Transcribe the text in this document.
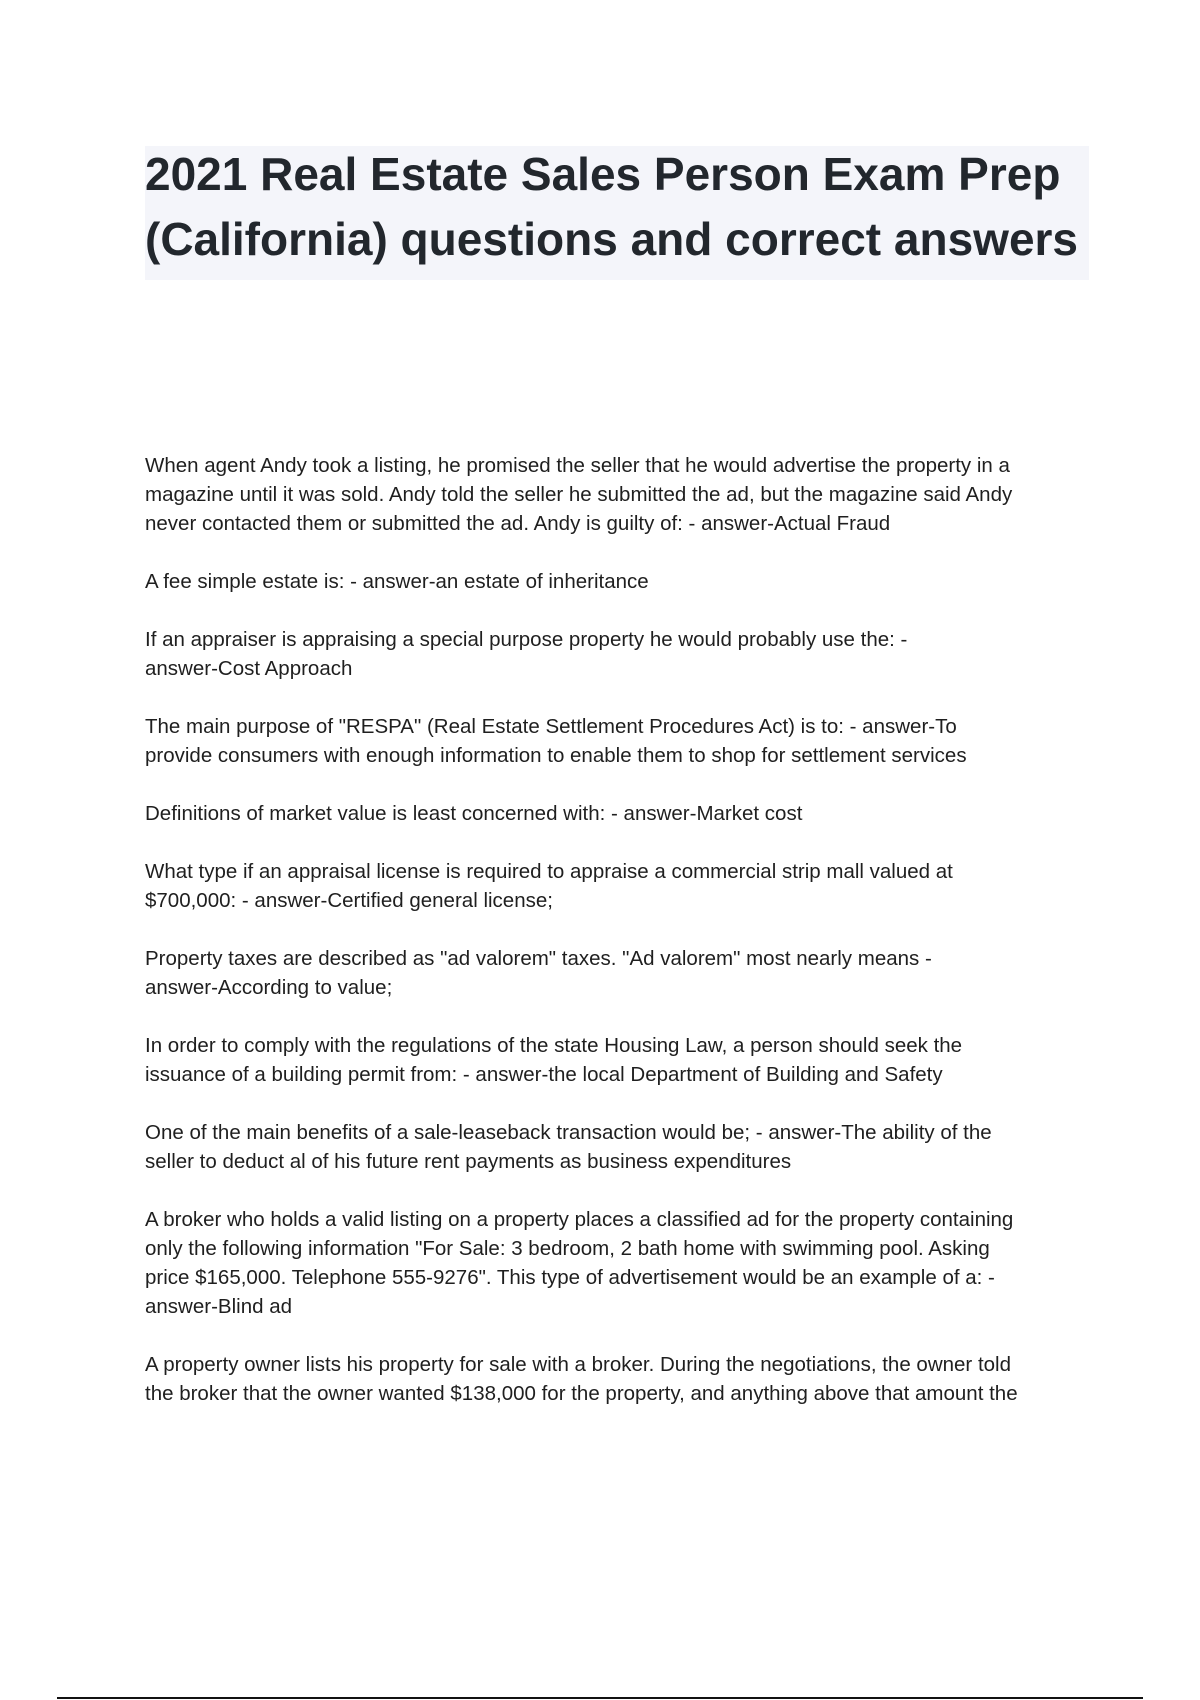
2021 Real Estate Sales Person Exam Prep
(California) questions and correct answers

When agent Andy took a listing, he promised the seller that he would advertise the property in a
magazine until it was sold. Andy told the seller he submitted the ad, but the magazine said Andy
never contacted them or submitted the ad. Andy is guilty of: - answer-Actual Fraud

A fee simple estate is: - answer-an estate of inheritance

If an appraiser is appraising a special purpose property he would probably use the: -
answer-Cost Approach

The main purpose of "RESPA" (Real Estate Settlement Procedures Act) is to: - answer-To
provide consumers with enough information to enable them to shop for settlement services

Definitions of market value is least concerned with: - answer-Market cost

What type if an appraisal license is required to appraise a commercial strip mall valued at
$700,000: - answer-Certified general license;

Property taxes are described as "ad valorem" taxes. "Ad valorem" most nearly means -
answer-According to value;

In order to comply with the regulations of the state Housing Law, a person should seek the
issuance of a building permit from: - answer-the local Department of Building and Safety

One of the main benefits of a sale-leaseback transaction would be; - answer-The ability of the
seller to deduct al of his future rent payments as business expenditures

A broker who holds a valid listing on a property places a classified ad for the property containing
only the following information "For Sale: 3 bedroom, 2 bath home with swimming pool. Asking
price $165,000. Telephone 555-9276". This type of advertisement would be an example of a: -
answer-Blind ad

A property owner lists his property for sale with a broker. During the negotiations, the owner told
the broker that the owner wanted $138,000 for the property, and anything above that amount the
